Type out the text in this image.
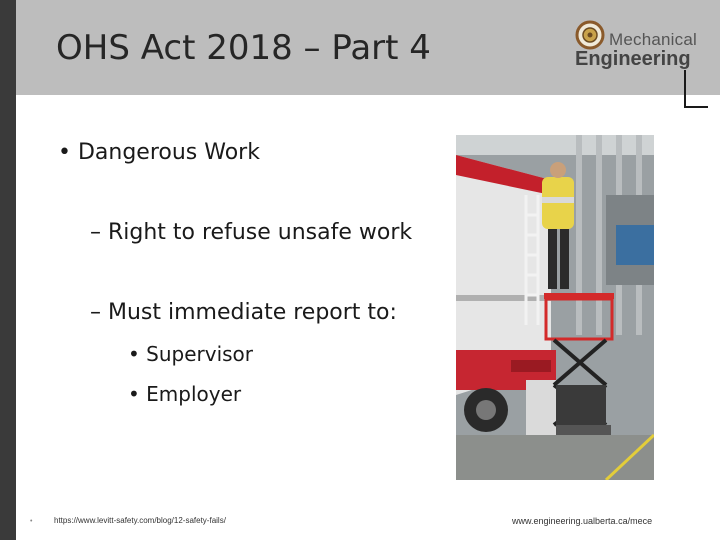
OHS Act 2018 – Part 4	Mechanical
Engineering
• Dangerous Work
– Right to refuse unsafe work
– Must immediate report to:
• Supervisor
• Employer
•	https://www.levitt-safety.com/blog/12-safety-fails/	www.engineering.ualberta.ca/mece
